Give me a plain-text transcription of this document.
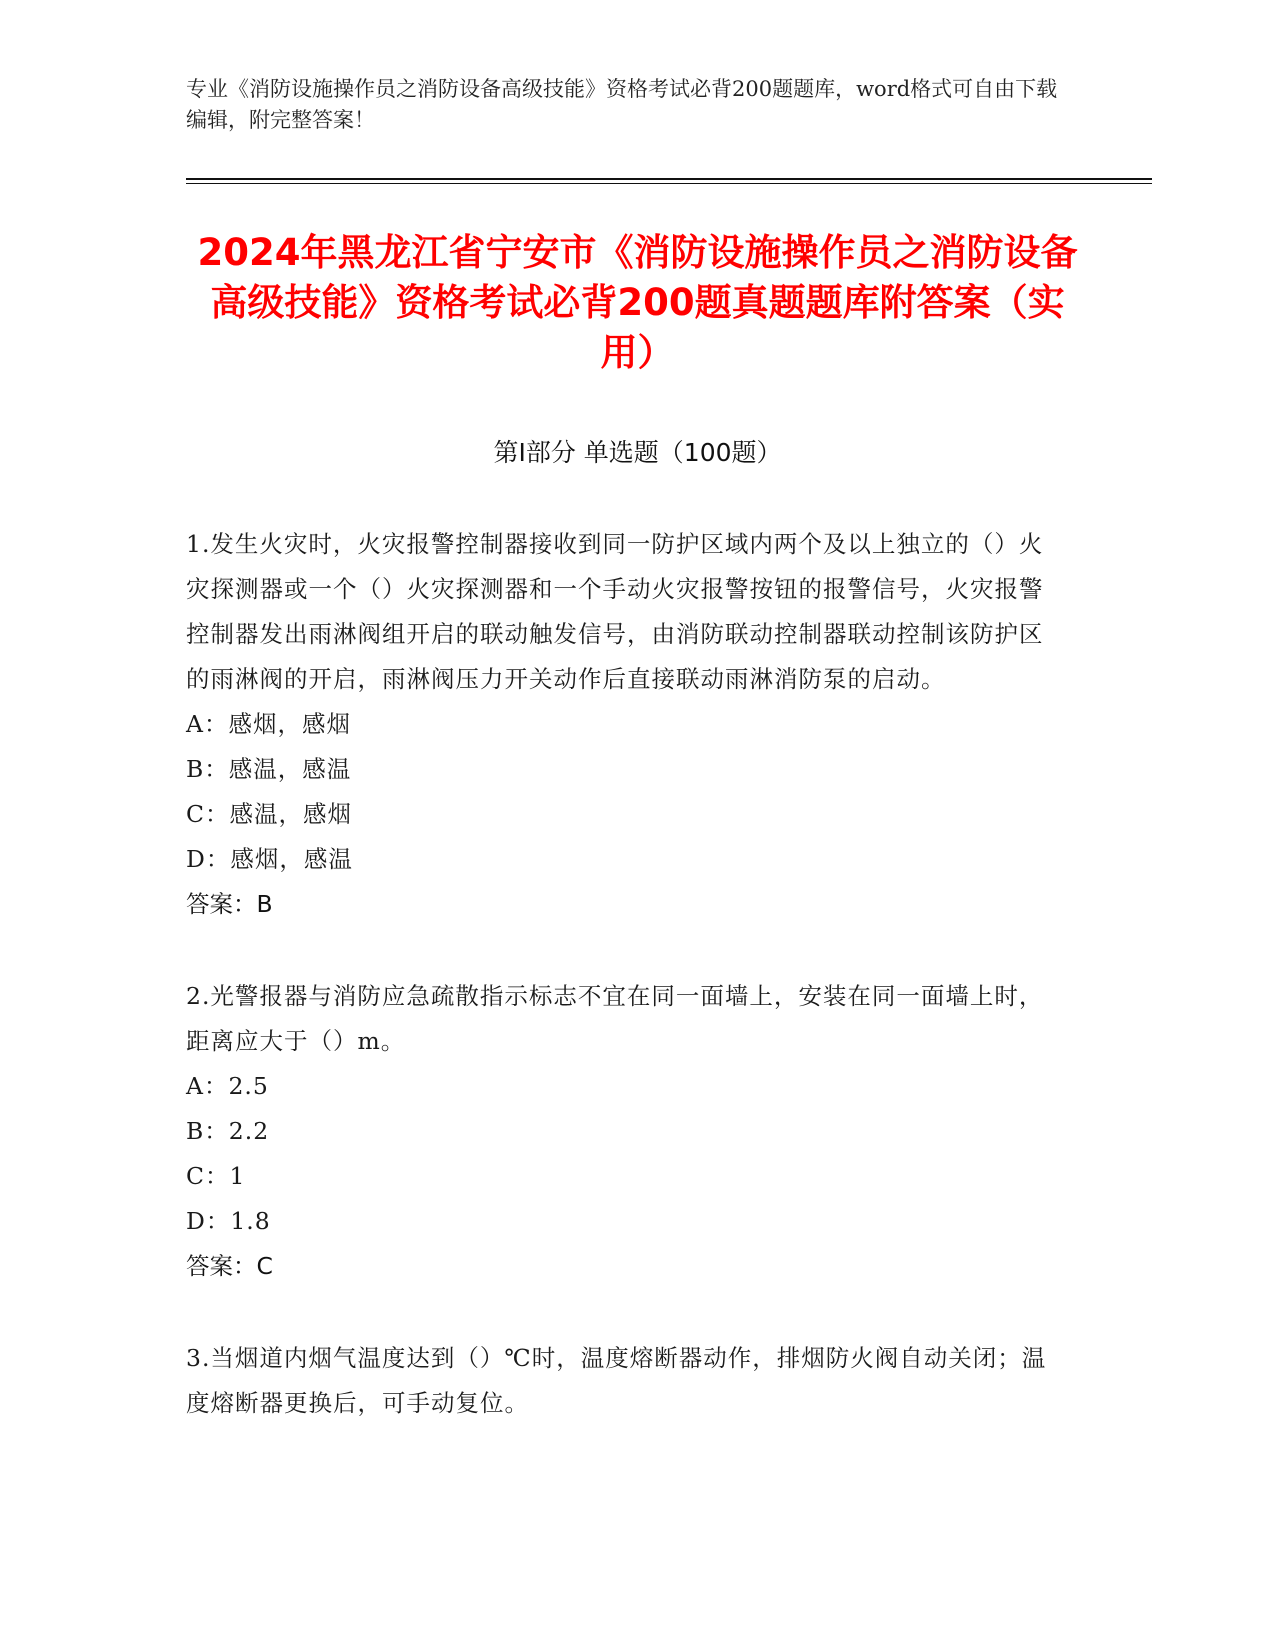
专业《消防设施操作员之消防设备高级技能》资格考试必背200题题库，word格式可自由下载编辑，附完整答案！
2024年黑龙江省宁安市《消防设施操作员之消防设备高级技能》资格考试必背200题真题题库附答案（实用）
第I部分 单选题（100题）

1.发生火灾时，火灾报警控制器接收到同一防护区域内两个及以上独立的（）火灾探测器或一个（）火灾探测器和一个手动火灾报警按钮的报警信号，火灾报警控制器发出雨淋阀组开启的联动触发信号，由消防联动控制器联动控制该防护区的雨淋阀的开启，雨淋阀压力开关动作后直接联动雨淋消防泵的启动。

A：感烟，感烟

B：感温，感温

C：感温，感烟

D：感烟，感温

答案：B

2.光警报器与消防应急疏散指示标志不宜在同一面墙上，安装在同一面墙上时，距离应大于（）m。

A：2.5

B：2.2

C：1

D：1.8

答案：C

3.当烟道内烟气温度达到（）℃时，温度熔断器动作，排烟防火阀自动关闭；温度熔断器更换后，可手动复位。
